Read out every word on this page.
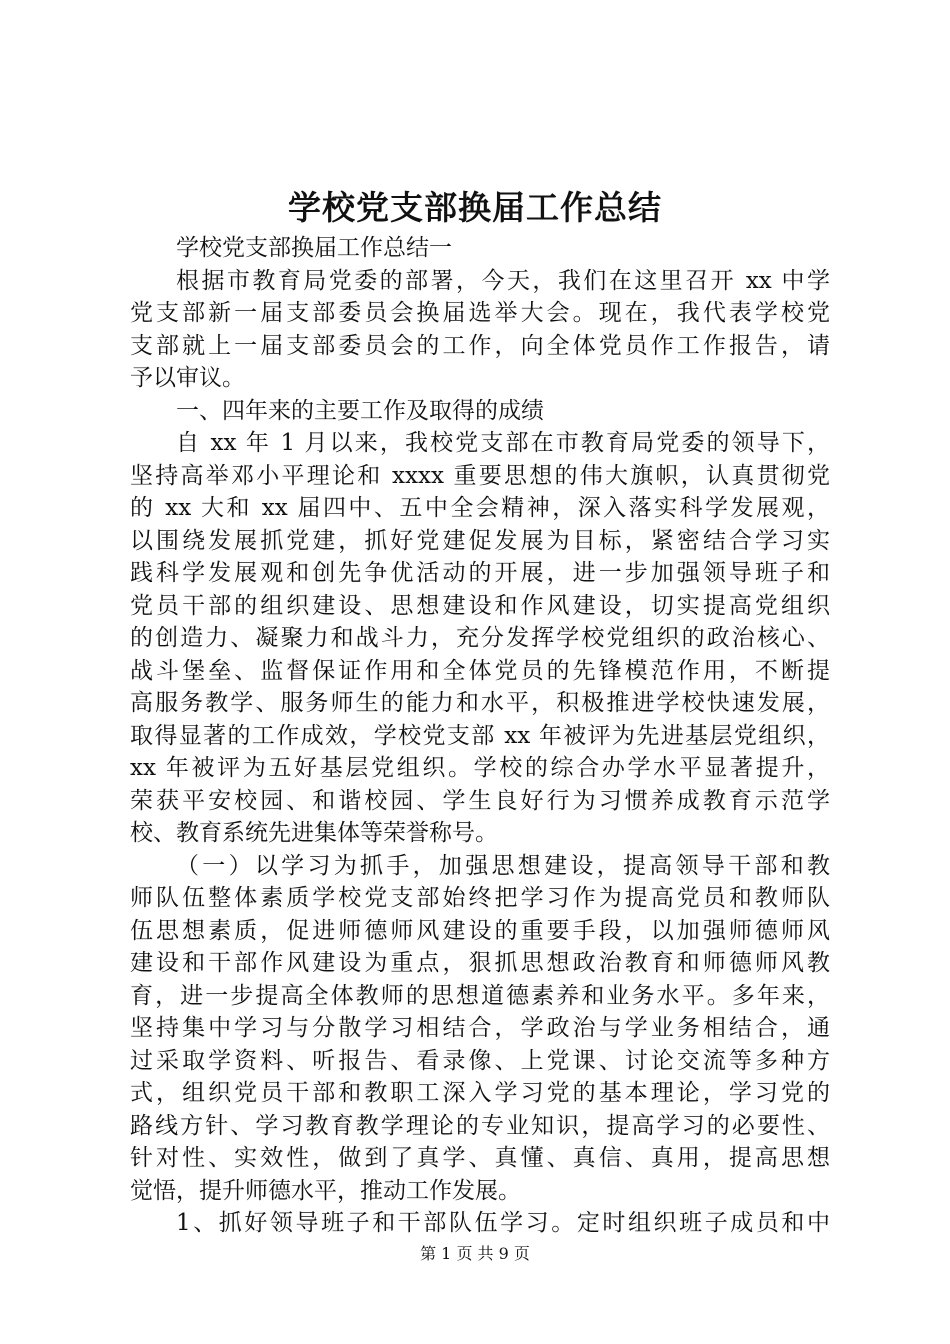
学校党支部换届工作总结
学校党支部换届工作总结一
根据市教育局党委的部署，今天，我们在这里召开 xx 中学
党支部新一届支部委员会换届选举大会。现在，我代表学校党
支部就上一届支部委员会的工作，向全体党员作工作报告，请
予以审议。
一、四年来的主要工作及取得的成绩
自 xx 年 1 月以来，我校党支部在市教育局党委的领导下，
坚持高举邓小平理论和 xxxx 重要思想的伟大旗帜，认真贯彻党
的 xx 大和 xx 届四中、五中全会精神，深入落实科学发展观，
以围绕发展抓党建，抓好党建促发展为目标，紧密结合学习实
践科学发展观和创先争优活动的开展，进一步加强领导班子和
党员干部的组织建设、思想建设和作风建设，切实提高党组织
的创造力、凝聚力和战斗力，充分发挥学校党组织的政治核心、
战斗堡垒、监督保证作用和全体党员的先锋模范作用，不断提
高服务教学、服务师生的能力和水平，积极推进学校快速发展，
取得显著的工作成效，学校党支部 xx 年被评为先进基层党组织，
xx 年被评为五好基层党组织。学校的综合办学水平显著提升，
荣获平安校园、和谐校园、学生良好行为习惯养成教育示范学
校、教育系统先进集体等荣誉称号。
（一）以学习为抓手，加强思想建设，提高领导干部和教
师队伍整体素质学校党支部始终把学习作为提高党员和教师队
伍思想素质，促进师德师风建设的重要手段，以加强师德师风
建设和干部作风建设为重点，狠抓思想政治教育和师德师风教
育，进一步提高全体教师的思想道德素养和业务水平。多年来，
坚持集中学习与分散学习相结合，学政治与学业务相结合，通
过采取学资料、听报告、看录像、上党课、讨论交流等多种方
式，组织党员干部和教职工深入学习党的基本理论，学习党的
路线方针、学习教育教学理论的专业知识，提高学习的必要性、
针对性、实效性，做到了真学、真懂、真信、真用，提高思想
觉悟，提升师德水平，推动工作发展。
1、抓好领导班子和干部队伍学习。定时组织班子成员和中
第 1 页 共 9 页
